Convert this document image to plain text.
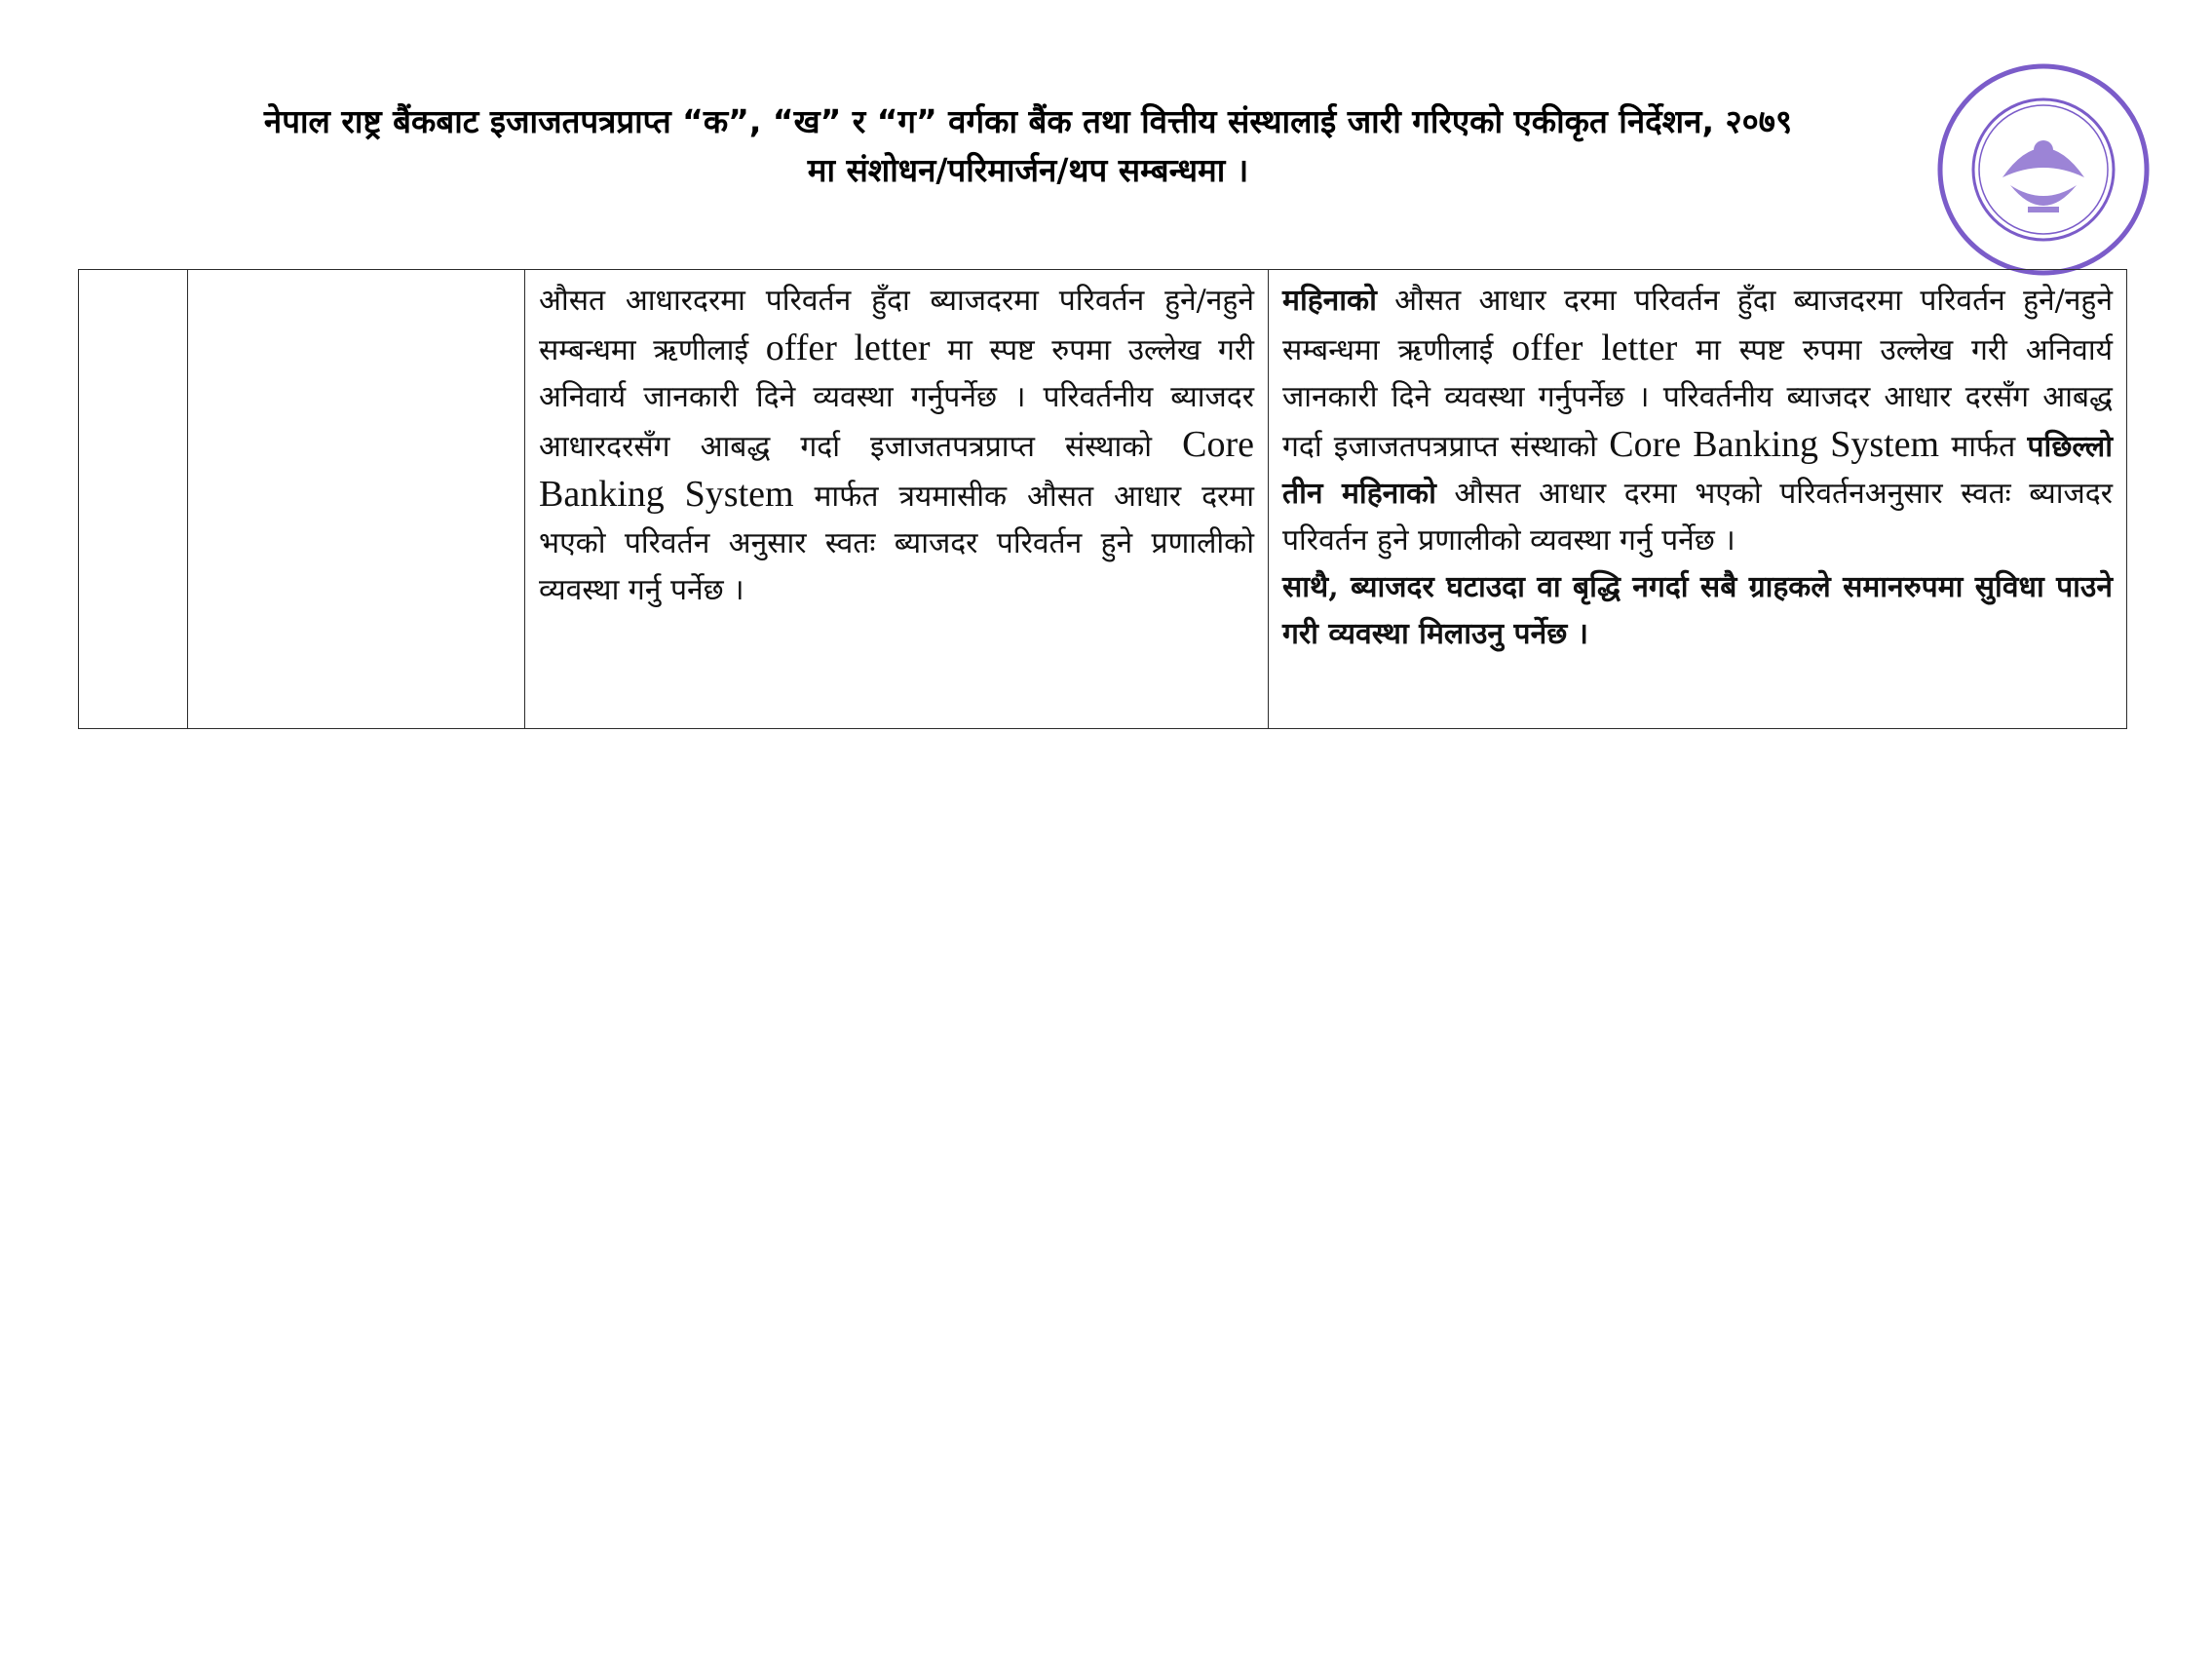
नेपाल राष्ट्र बैंकबाट इजाजतपत्रप्राप्त “क”, “ख” र “ग” वर्गका बैंक तथा वित्तीय संस्थालाई जारी गरिएको एकीकृत निर्देशन, २०७९
मा संशोधन/परिमार्जन/थप सम्बन्धमा ।
		औसत आधारदरमा परिवर्तन हुँदा ब्याजदरमा परिवर्तन हुने/नहुने सम्बन्धमा ऋणीलाई offer letter मा स्पष्ट रुपमा उल्लेख गरी अनिवार्य जानकारी दिने व्यवस्था गर्नुपर्नेछ । परिवर्तनीय ब्याजदर आधारदरसँग आबद्ध गर्दा इजाजतपत्रप्राप्त संस्थाको Core Banking System मार्फत त्रयमासीक औसत आधार दरमा भएको परिवर्तन अनुसार स्वतः ब्याजदर परिवर्तन हुने प्रणालीको व्यवस्था गर्नु पर्नेछ ।	महिनाको औसत आधार दरमा परिवर्तन हुँदा ब्याजदरमा परिवर्तन हुने/नहुने सम्बन्धमा ऋणीलाई offer letter मा स्पष्ट रुपमा उल्लेख गरी अनिवार्य जानकारी दिने व्यवस्था गर्नुपर्नेछ । परिवर्तनीय ब्याजदर आधार दरसँग आबद्ध गर्दा इजाजतपत्रप्राप्त संस्थाको Core Banking System मार्फत पछिल्लो तीन महिनाको औसत आधार दरमा भएको परिवर्तनअनुसार स्वतः ब्याजदर परिवर्तन हुने प्रणालीको व्यवस्था गर्नु पर्नेछ ।
साथै, ब्याजदर घटाउदा वा बृद्धि नगर्दा सबै ग्राहकले समानरुपमा सुविधा पाउने गरी व्यवस्था मिलाउनु पर्नेछ ।
